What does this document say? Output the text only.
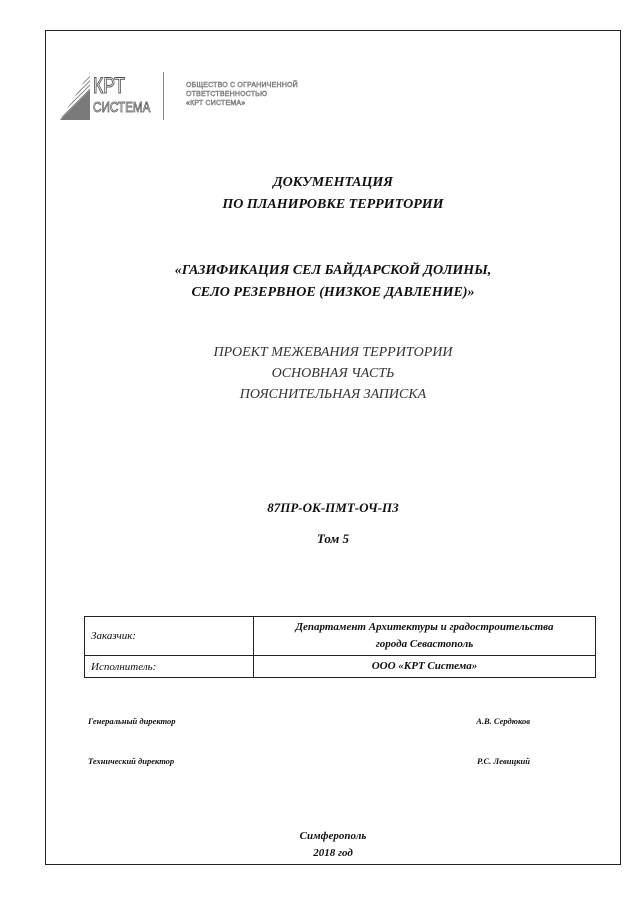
КРТ
СИСТЕМА
ОБЩЕСТВО С ОГРАНИЧЕННОЙ
ОТВЕТСТВЕННОСТЬЮ
«КРТ СИСТЕМА»
ДОКУМЕНТАЦИЯ
ПО ПЛАНИРОВКЕ ТЕРРИТОРИИ
«ГАЗИФИКАЦИЯ СЕЛ БАЙДАРСКОЙ ДОЛИНЫ,
СЕЛО РЕЗЕРВНОЕ (НИЗКОЕ ДАВЛЕНИЕ)»
ПРОЕКТ МЕЖЕВАНИЯ ТЕРРИТОРИИ
ОСНОВНАЯ ЧАСТЬ
ПОЯСНИТЕЛЬНАЯ ЗАПИСКА
87ПР-ОК-ПМТ-ОЧ-ПЗ
Том 5
Заказчик:	Департамент Архитектуры и градостроительства
города Севастополь

Исполнитель:	ООО «КРТ Система»
Генеральный директор	А.В. Сердюков
Технический директор	Р.С. Левицкий
Симферополь
2018 год
